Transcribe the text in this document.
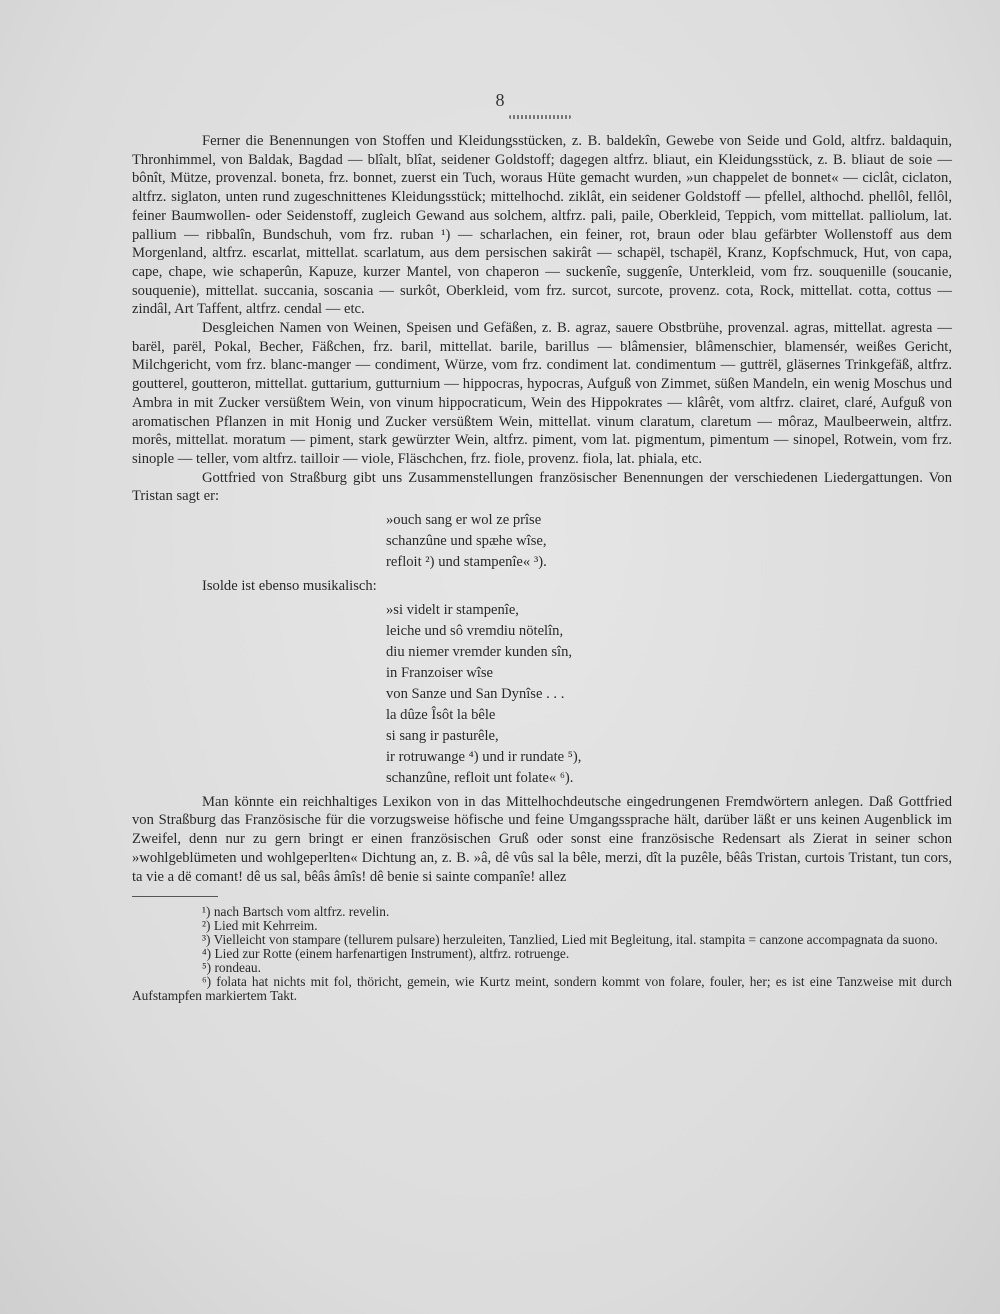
8

Ferner die Benennungen von Stoffen und Kleidungsstücken, z. B. baldekîn, Gewebe von Seide und Gold, altfrz. baldaquin, Thronhimmel, von Baldak, Bagdad — blîalt, blîat, seidener Goldstoff; dagegen altfrz. bliaut, ein Kleidungsstück, z. B. bliaut de soie — bônît, Mütze, provenzal. boneta, frz. bonnet, zuerst ein Tuch, woraus Hüte gemacht wurden, »un chappelet de bonnet« — ciclât, ciclaton, altfrz. siglaton, unten rund zugeschnittenes Kleidungsstück; mittelhochd. ziklât, ein seidener Goldstoff — pfellel, althochd. phellôl, fellôl, feiner Baumwollen- oder Seidenstoff, zugleich Gewand aus solchem, altfrz. pali, paile, Oberkleid, Teppich, vom mittellat. palliolum, lat. pallium — ribbalîn, Bundschuh, vom frz. ruban ¹) — scharlachen, ein feiner, rot, braun oder blau gefärbter Wollenstoff aus dem Morgenland, altfrz. escarlat, mittellat. scarlatum, aus dem persischen sakirât — schapël, tschapël, Kranz, Kopfschmuck, Hut, von capa, cape, chape, wie schaperûn, Kapuze, kurzer Mantel, von chaperon — suckenîe, suggenîe, Unterkleid, vom frz. souquenille (soucanie, souquenie), mittellat. succania, soscania — surkôt, Oberkleid, vom frz. surcot, surcote, provenz. cota, Rock, mittellat. cotta, cottus — zindâl, Art Taffent, altfrz. cendal — etc.

Desgleichen Namen von Weinen, Speisen und Gefäßen, z. B. agraz, sauere Obstbrühe, provenzal. agras, mittellat. agresta — barël, parël, Pokal, Becher, Fäßchen, frz. baril, mittellat. barile, barillus — blâmensier, blâmenschier, blamensér, weißes Gericht, Milchgericht, vom frz. blanc-manger — condiment, Würze, vom frz. condiment lat. condimentum — guttrël, gläsernes Trinkgefäß, altfrz. goutterel, goutteron, mittellat. guttarium, gutturnium — hippocras, hypocras, Aufguß von Zimmet, süßen Mandeln, ein wenig Moschus und Ambra in mit Zucker versüßtem Wein, von vinum hippocraticum, Wein des Hippokrates — klârêt, vom altfrz. clairet, claré, Aufguß von aromatischen Pflanzen in mit Honig und Zucker versüßtem Wein, mittellat. vinum claratum, claretum — môraz, Maulbeerwein, altfrz. morês, mittellat. moratum — piment, stark gewürzter Wein, altfrz. piment, vom lat. pigmentum, pimentum — sinopel, Rotwein, vom frz. sinople — teller, vom altfrz. tailloir — viole, Fläschchen, frz. fiole, provenz. fiola, lat. phiala, etc.

Gottfried von Straßburg gibt uns Zusammenstellungen französischer Benennungen der verschiedenen Liedergattungen. Von Tristan sagt er:

»ouch sang er wol ze prîse
schanzûne und spæhe wîse,
refloit ²) und stampenîe« ³).

Isolde ist ebenso musikalisch:

»si videlt ir stampenîe,
leiche und sô vremdiu nötelîn,
diu niemer vremder kunden sîn,
in Franzoiser wîse
von Sanze und San Dynîse . . .
la dûze Îsôt la bêle
si sang ir pasturêle,
ir rotruwange ⁴) und ir rundate ⁵),
schanzûne, refloit unt folate« ⁶).

Man könnte ein reichhaltiges Lexikon von in das Mittelhochdeutsche eingedrungenen Fremdwörtern anlegen. Daß Gottfried von Straßburg das Französische für die vorzugsweise höfische und feine Umgangssprache hält, darüber läßt er uns keinen Augenblick im Zweifel, denn nur zu gern bringt er einen französischen Gruß oder sonst eine französische Redensart als Zierat in seiner schon »wohlgeblümeten und wohlgeperlten« Dichtung an, z. B. »â, dê vûs sal la bêle, merzi, dît la puzêle, bêâs Tristan, curtois Tristant, tun cors, ta vie a dë comant! dê us sal, bêâs âmîs! dê benie si sainte companîe! allez

¹) nach Bartsch vom altfrz. revelin.

²) Lied mit Kehrreim.

³) Vielleicht von stampare (tellurem pulsare) herzuleiten, Tanzlied, Lied mit Begleitung, ital. stampita = canzone accompagnata da suono.

⁴) Lied zur Rotte (einem harfenartigen Instrument), altfrz. rotruenge.

⁵) rondeau.

⁶) folata hat nichts mit fol, thöricht, gemein, wie Kurtz meint, sondern kommt von folare, fouler, her; es ist eine Tanzweise mit durch Aufstampfen markiertem Takt.
